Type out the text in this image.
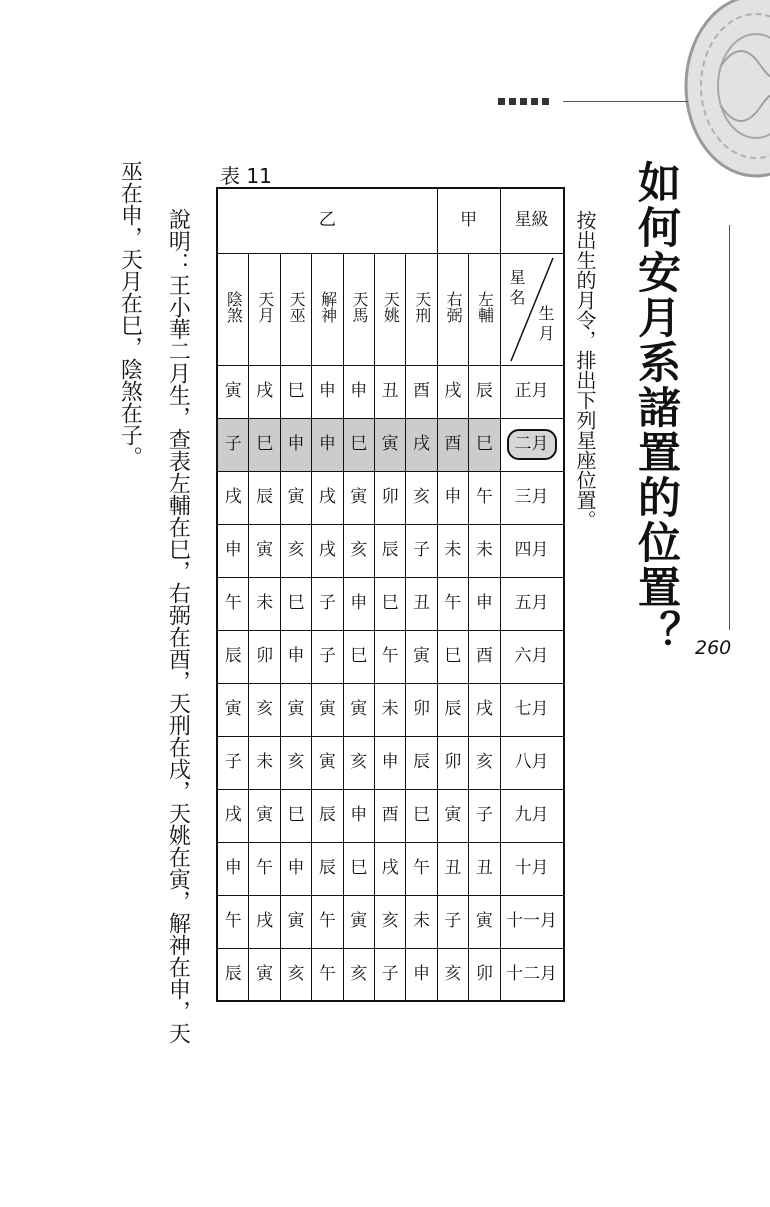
如何安月系諸置的位置？
按出生的月令，排出下列星座位置。
260
表 11
乙							甲		星級
陰煞	天月	天巫	解神	天馬	天姚	天刑	右弼	左輔	星名
生月

寅	戌	巳	申	申	丑	酉	戌	辰	正月
子	巳	申	申	巳	寅	戌	酉	巳	二月
戌	辰	寅	戌	寅	卯	亥	申	午	三月
申	寅	亥	戌	亥	辰	子	未	未	四月
午	未	巳	子	申	巳	丑	午	申	五月
辰	卯	申	子	巳	午	寅	巳	酉	六月
寅	亥	寅	寅	寅	未	卯	辰	戌	七月
子	未	亥	寅	亥	申	辰	卯	亥	八月
戌	寅	巳	辰	申	酉	巳	寅	子	九月
申	午	申	辰	巳	戌	午	丑	丑	十月
午	戌	寅	午	寅	亥	未	子	寅	十一月
辰	寅	亥	午	亥	子	申	亥	卯	十二月
說明：王小華二月生，查表左輔在巳，右弼在酉，天刑在戌，天姚在寅，解神在申，天
巫在申，天月在巳，陰煞在子。
